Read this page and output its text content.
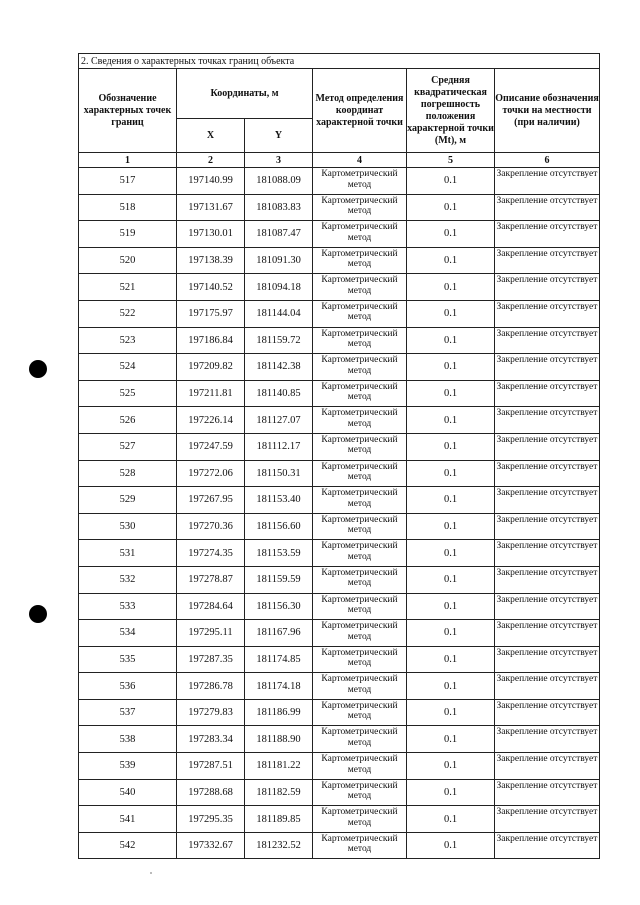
2. Сведения о характерных точках границ объекта					
Обозначение характерных точек границ	Координаты, м		Метод определения координат характерной точки	Средняя квадратическая погрешность положения характерной точки (Mt), м	Описание обозначения точки на местности (при наличии)
	X	Y			
1	2	3	4	5	6
517	197140.99	181088.09	Картометрический метод	0.1	Закрепление отсутствует
518	197131.67	181083.83	Картометрический метод	0.1	Закрепление отсутствует
519	197130.01	181087.47	Картометрический метод	0.1	Закрепление отсутствует
520	197138.39	181091.30	Картометрический метод	0.1	Закрепление отсутствует
521	197140.52	181094.18	Картометрический метод	0.1	Закрепление отсутствует
522	197175.97	181144.04	Картометрический метод	0.1	Закрепление отсутствует
523	197186.84	181159.72	Картометрический метод	0.1	Закрепление отсутствует
524	197209.82	181142.38	Картометрический метод	0.1	Закрепление отсутствует
525	197211.81	181140.85	Картометрический метод	0.1	Закрепление отсутствует
526	197226.14	181127.07	Картометрический метод	0.1	Закрепление отсутствует
527	197247.59	181112.17	Картометрический метод	0.1	Закрепление отсутствует
528	197272.06	181150.31	Картометрический метод	0.1	Закрепление отсутствует
529	197267.95	181153.40	Картометрический метод	0.1	Закрепление отсутствует
530	197270.36	181156.60	Картометрический метод	0.1	Закрепление отсутствует
531	197274.35	181153.59	Картометрический метод	0.1	Закрепление отсутствует
532	197278.87	181159.59	Картометрический метод	0.1	Закрепление отсутствует
533	197284.64	181156.30	Картометрический метод	0.1	Закрепление отсутствует
534	197295.11	181167.96	Картометрический метод	0.1	Закрепление отсутствует
535	197287.35	181174.85	Картометрический метод	0.1	Закрепление отсутствует
536	197286.78	181174.18	Картометрический метод	0.1	Закрепление отсутствует
537	197279.83	181186.99	Картометрический метод	0.1	Закрепление отсутствует
538	197283.34	181188.90	Картометрический метод	0.1	Закрепление отсутствует
539	197287.51	181181.22	Картометрический метод	0.1	Закрепление отсутствует
540	197288.68	181182.59	Картометрический метод	0.1	Закрепление отсутствует
541	197295.35	181189.85	Картометрический метод	0.1	Закрепление отсутствует
542	197332.67	181232.52	Картометрический метод	0.1	Закрепление отсутствует
